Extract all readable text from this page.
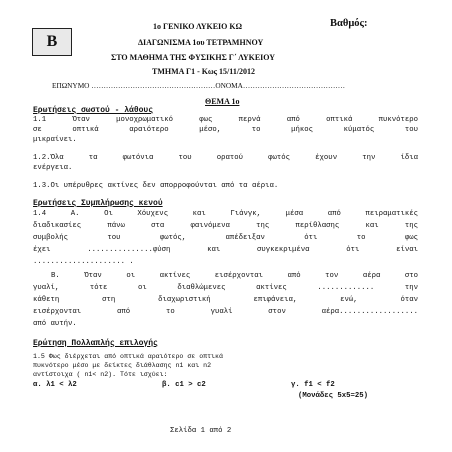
B
1ο ΓΕΝΙΚΟ ΛΥΚΕΙΟ ΚΩ	Βαθμός:
ΔΙΑΓΩΝΙΣΜΑ 1ου ΤΕΤΡΑΜΗΝΟΥ
ΣΤΟ ΜΑΘΗΜΑ ΤΗΣ ΦΥΣΙΚΗΣ Γ΄ ΛΥΚΕΙΟΥ
ΤΜΗΜΑ Γ1 - Κως 15/11/2012
ΕΠΩΝΥΜΟ ……………………………………………ΟΝΟΜΑ……………………………………
ΘΕΜΑ 1ο
Ερωτήσεις σωστού - λάθους
1.1 Όταν μονοχρωματικό φως περνά από οπτικά πυκνότερο
σε οπτικά αραιότερο μέσο, το μήκος κύματός του
μικραίνει.
1.2.Όλα τα φωτόνια του ορατού φωτός έχουν την ίδια
ενέργεια.
1.3.Οι υπέρυθρες ακτίνες δεν απορροφούνται από τα αέρια.
Ερωτήσεις Συμπλήρωσης κενού
1.4 Α. Οι Χόυχενς και Γιάνγκ, μέσα από πειραματικές
διαδικασίες πάνω στα φαινόμενα της περίθλασης και της
συμβολής του φωτός, απέδειξαν ότι το φως
έχει ...............φύση και συγκεκριμένα ότι είναι
..................... .
Β. Όταν οι ακτίνες εισέρχονται από τον αέρα στο
γυαλί, τότε οι διαθλώμενες ακτίνες ............. την
κάθετη στη διαχωριστική επιφάνεια, ενώ, όταν
εισέρχονται από το γυαλί στον αέρα..................
από αυτήν.
Ερώτηση Πολλαπλής επιλογής
1.5 Φως διέρχεται από οπτικά αραιότερο σε οπτικά
πυκνότερο μέσο με δείκτες διάθλασης n1 και n2
αντίστοιχα ( n1< n2). Τότε ισχύει:
α. λ1 < λ2	β. c1 > c2	γ. f1 < f2
(Μονάδες 5x5=25)
Σελίδα 1 από 2
